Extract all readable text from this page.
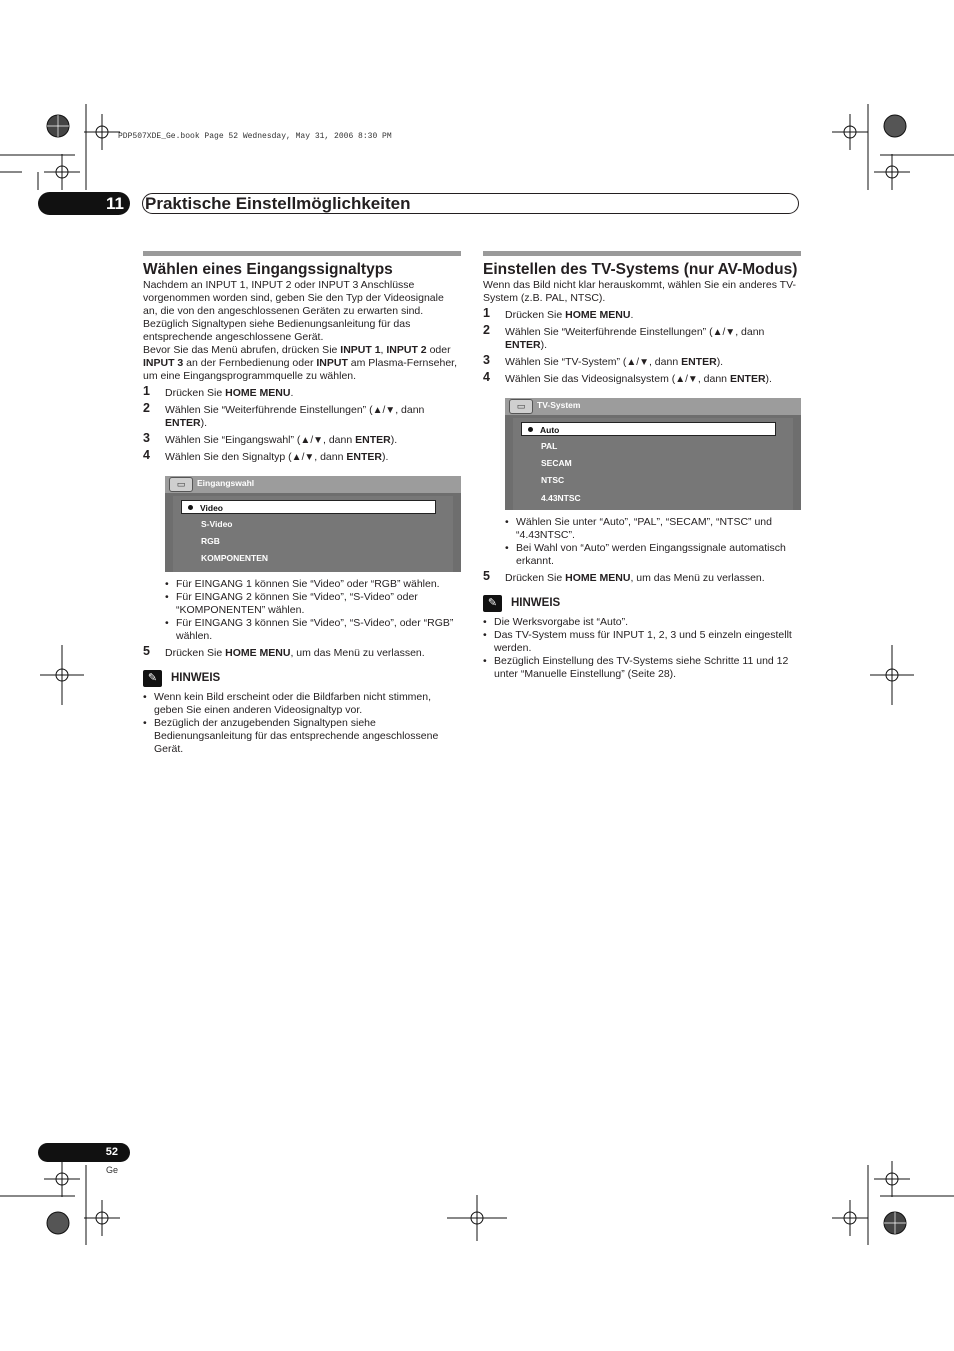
PDP507XDE_Ge.book Page 52 Wednesday, May 31, 2006 8:30 PM
11 Praktische Einstellmöglichkeiten
Wählen eines Eingangssignaltyps

Nachdem an INPUT 1, INPUT 2 oder INPUT 3 Anschlüsse vorgenommen worden sind, geben Sie den Typ der Videosignale an, die von den angeschlossenen Geräten zu erwarten sind. Bezüglich Signaltypen siehe Bedienungsanleitung für das entsprechende angeschlossene Gerät.

Bevor Sie das Menü abrufen, drücken Sie INPUT 1, INPUT 2 oder INPUT 3 an der Fernbedienung oder INPUT am Plasma-Fernseher, um eine Eingangsprogrammquelle zu wählen.

1 Drücken Sie HOME MENU.
2 Wählen Sie “Weiterführende Einstellungen” (▲/▼, dann ENTER).
3 Wählen Sie “Eingangswahl” (▲/▼, dann ENTER).
4 Wählen Sie den Signaltyp (▲/▼, dann ENTER).
Eingangswahl
▭
Video
S-Video
RGB
KOMPONENTEN
• Für EINGANG 1 können Sie “Video” oder “RGB” wählen.
• Für EINGANG 2 können Sie “Video”, “S-Video” oder “KOMPONENTEN” wählen.
• Für EINGANG 3 können Sie “Video”, “S-Video”, oder “RGB” wählen.
5 Drücken Sie HOME MENU, um das Menü zu verlassen.
✎	HINWEIS
• Wenn kein Bild erscheint oder die Bildfarben nicht stimmen, geben Sie einen anderen Videosignaltyp vor.
• Bezüglich der anzugebenden Signaltypen siehe Bedienungsanleitung für das entsprechende angeschlossene Gerät.
Einstellen des TV-Systems (nur AV-Modus)

Wenn das Bild nicht klar herauskommt, wählen Sie ein anderes TV-System (z.B. PAL, NTSC).

1 Drücken Sie HOME MENU.
2 Wählen Sie “Weiterführende Einstellungen” (▲/▼, dann ENTER).
3 Wählen Sie “TV-System” (▲/▼, dann ENTER).
4 Wählen Sie das Videosignalsystem (▲/▼, dann ENTER).
TV-System
▭
Auto
PAL
SECAM
NTSC
4.43NTSC
• Wählen Sie unter “Auto”, “PAL”, “SECAM”, “NTSC” und “4.43NTSC”.
• Bei Wahl von “Auto” werden Eingangssignale automatisch erkannt.
5 Drücken Sie HOME MENU, um das Menü zu verlassen.
✎	HINWEIS
• Die Werksvorgabe ist “Auto”.
• Das TV-System muss für INPUT 1, 2, 3 und 5 einzeln eingestellt werden.
• Bezüglich Einstellung des TV-Systems siehe Schritte 11 und 12 unter “Manuelle Einstellung” (Seite 28).
52
Ge
